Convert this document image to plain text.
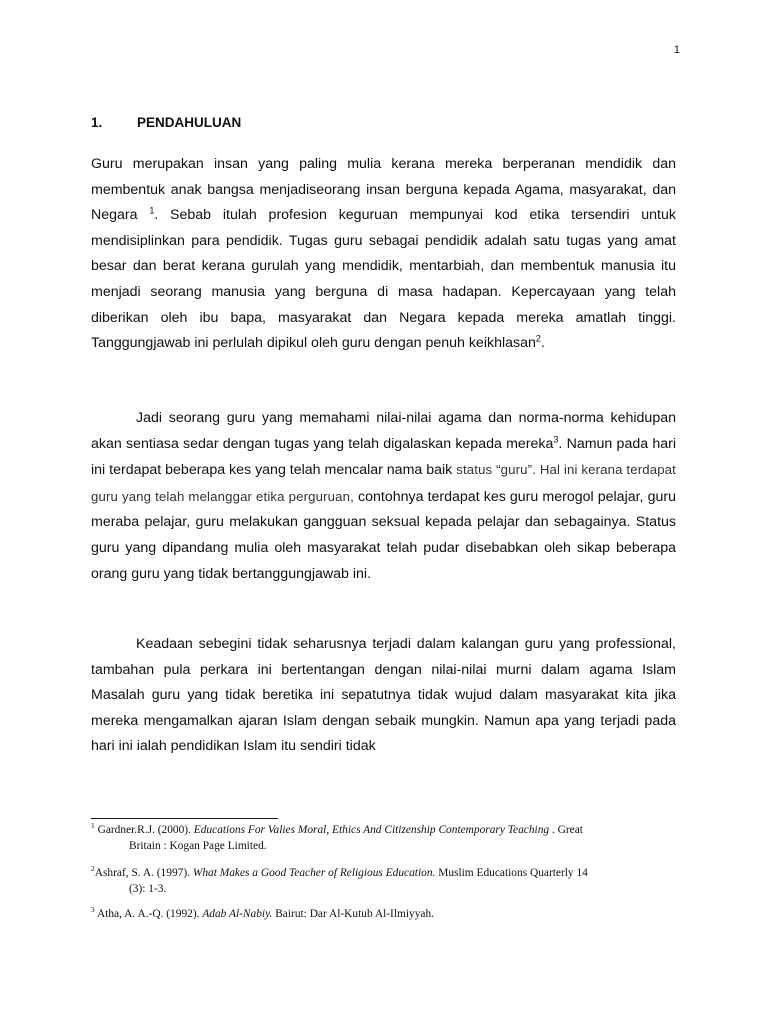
1
1.	PENDAHULUAN

Guru merupakan insan yang paling mulia kerana mereka berperanan mendidik dan membentuk anak bangsa menjadiseorang insan berguna kepada Agama, masyarakat, dan Negara $^1$. Sebab itulah profesion keguruan mempunyai kod etika tersendiri untuk mendisiplinkan para pendidik. Tugas guru sebagai pendidik adalah satu tugas yang amat besar dan berat kerana gurulah yang mendidik, mentarbiah, dan membentuk manusia itu menjadi seorang manusia yang berguna di masa hadapan. Kepercayaan yang telah diberikan oleh ibu bapa, masyarakat dan Negara kepada mereka amatlah tinggi. Tanggungjawab ini perlulah dipikul oleh guru dengan penuh keikhlasan$^2$.

Jadi seorang guru yang memahami nilai-nilai agama dan norma-norma kehidupan akan sentiasa sedar dengan tugas yang telah digalaskan kepada mereka$^3$. Namun pada hari ini terdapat beberapa kes yang telah mencalar nama baik status “guru”. Hal ini kerana terdapat guru yang telah melanggar etika perguruan, contohnya terdapat kes guru merogol pelajar, guru meraba pelajar, guru melakukan gangguan seksual kepada pelajar dan sebagainya. Status guru yang dipandang mulia oleh masyarakat telah pudar disebabkan oleh sikap beberapa orang guru yang tidak bertanggungjawab ini.

Keadaan sebegini tidak seharusnya terjadi dalam kalangan guru yang professional, tambahan pula perkara ini bertentangan dengan nilai-nilai murni dalam agama Islam Masalah guru yang tidak beretika ini sepatutnya tidak wujud dalam masyarakat kita jika mereka mengamalkan ajaran Islam dengan sebaik mungkin. Namun apa yang terjadi pada hari ini ialah pendidikan Islam itu sendiri tidak

$^1$ Gardner.R.J. (2000). Educations For Valies Moral, Ethics And Citizenship Contemporary Teaching . Great
Britain : Kogan Page Limited.
$^2$Ashraf, S. A. (1997). What Makes a Good Teacher of Religious Education. Muslim Educations Quarterly 14
(3): 1-3.
$^3$ Atha, A. A.-Q. (1992). Adab Al-Nabiy. Bairut: Dar Al-Kutub Al-Ilmiyyah.
